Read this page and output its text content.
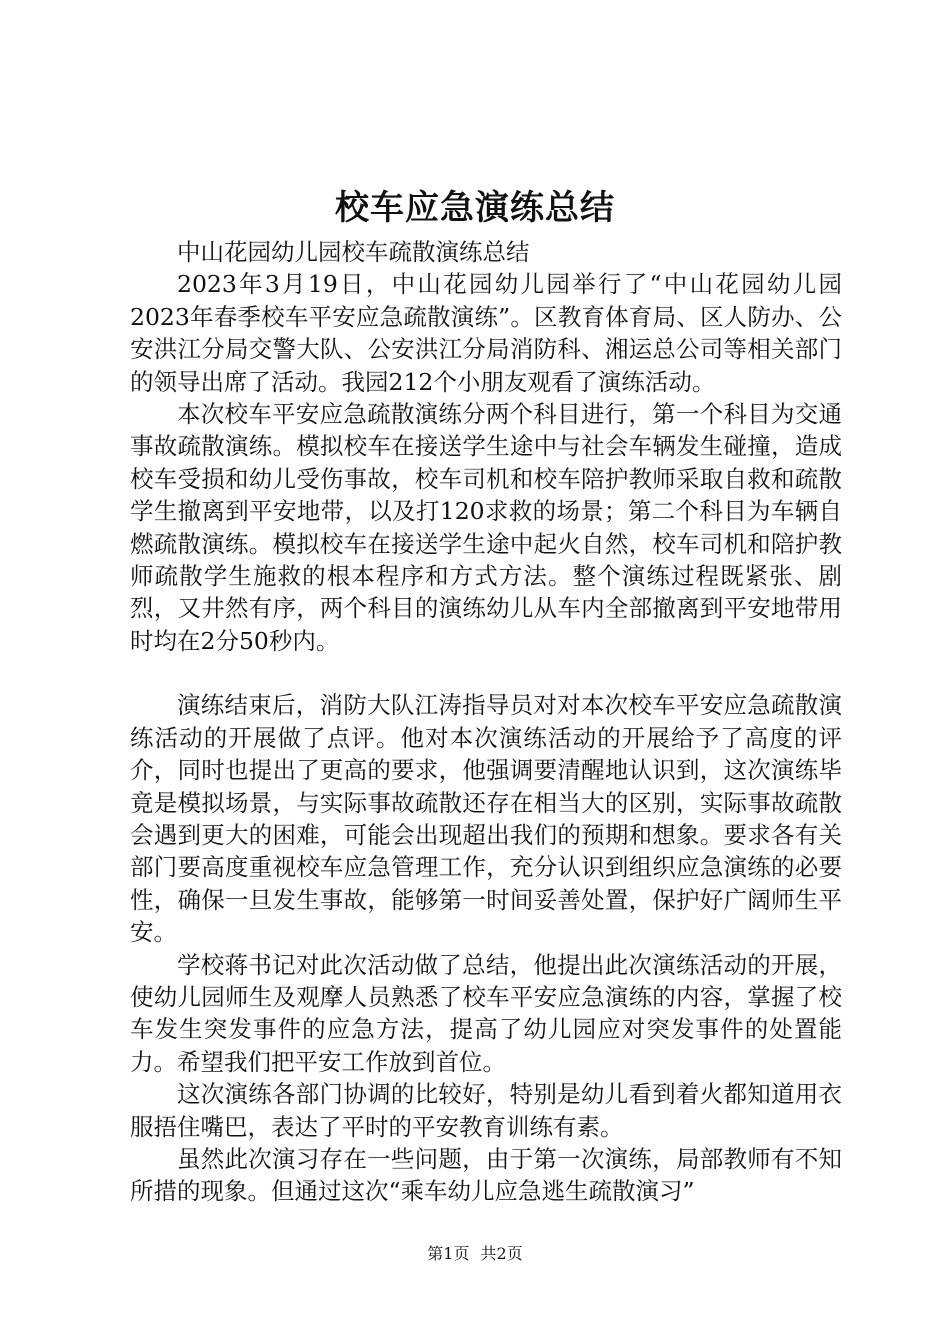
校车应急演练总结

中山花园幼儿园校车疏散演练总结

2023年3月19日，中山花园幼儿园举行了“中山花园幼儿园2023年春季校车平安应急疏散演练”。区教育体育局、区人防办、公安洪江分局交警大队、公安洪江分局消防科、湘运总公司等相关部门的领导出席了活动。我园212个小朋友观看了演练活动。

本次校车平安应急疏散演练分两个科目进行，第一个科目为交通事故疏散演练。模拟校车在接送学生途中与社会车辆发生碰撞，造成校车受损和幼儿受伤事故，校车司机和校车陪护教师采取自救和疏散学生撤离到平安地带，以及打120求救的场景；第二个科目为车辆自燃疏散演练。模拟校车在接送学生途中起火自然，校车司机和陪护教师疏散学生施救的根本程序和方式方法。整个演练过程既紧张、剧烈，又井然有序，两个科目的演练幼儿从车内全部撤离到平安地带用时均在2分50秒内。

演练结束后，消防大队江涛指导员对对本次校车平安应急疏散演练活动的开展做了点评。他对本次演练活动的开展给予了高度的评介，同时也提出了更高的要求，他强调要清醒地认识到，这次演练毕竟是模拟场景，与实际事故疏散还存在相当大的区别，实际事故疏散会遇到更大的困难，可能会出现超出我们的预期和想象。要求各有关部门要高度重视校车应急管理工作，充分认识到组织应急演练的必要性，确保一旦发生事故，能够第一时间妥善处置，保护好广阔师生平安。

学校蒋书记对此次活动做了总结，他提出此次演练活动的开展，使幼儿园师生及观摩人员熟悉了校车平安应急演练的内容，掌握了校车发生突发事件的应急方法，提高了幼儿园应对突发事件的处置能力。希望我们把平安工作放到首位。

这次演练各部门协调的比较好，特别是幼儿看到着火都知道用衣服捂住嘴巴，表达了平时的平安教育训练有素。

虽然此次演习存在一些问题，由于第一次演练，局部教师有不知所措的现象。但通过这次“乘车幼儿应急逃生疏散演习”

第1页 共2页
